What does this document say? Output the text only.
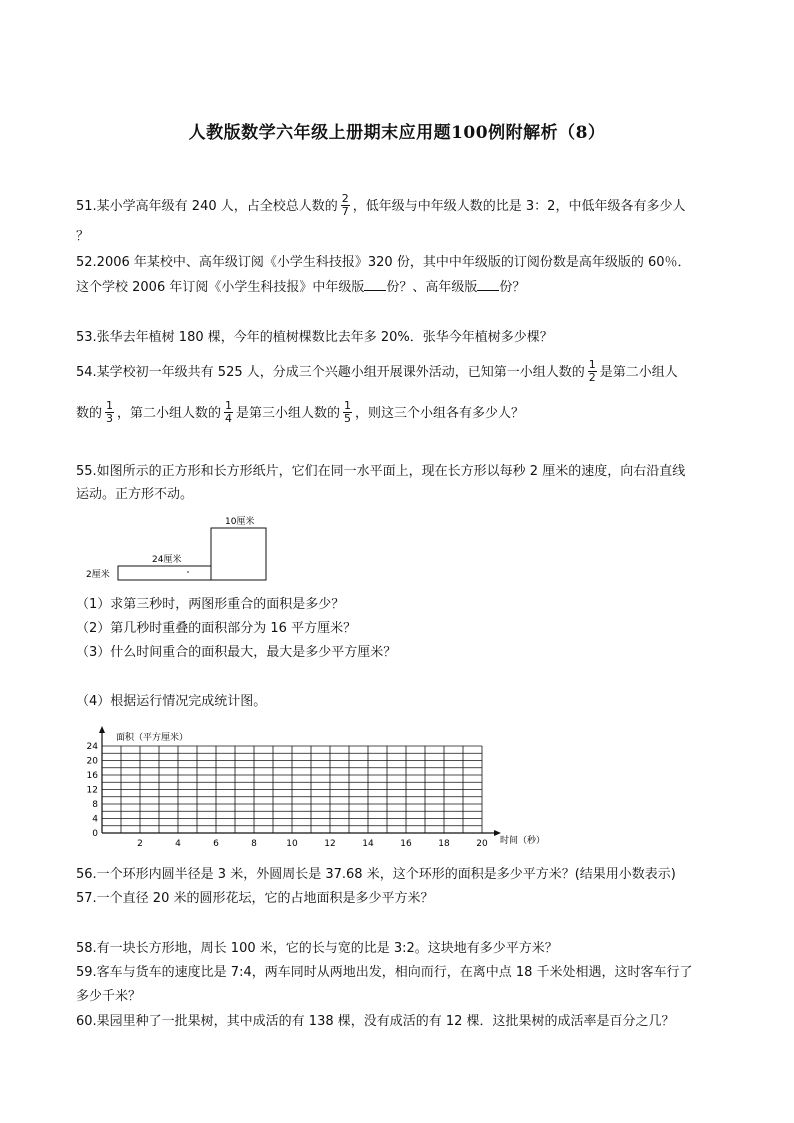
人教版数学六年级上册期末应用题100例附解析（8）
51.某小学高年级有 240 人，占全校总人数的 $\frac{2}{7}$ ，低年级与中年级人数的比是 3：2，中低年级各有多少人
？
52.2006 年某校中、高年级订阅《小学生科技报》320 份，其中中年级版的订阅份数是高年级版的 60％．
这个学校 2006 年订阅《小学生科技报》中年级版 份？、高年级版 份？
53.张华去年植树 180 棵，今年的植树棵数比去年多 20%．张华今年植树多少棵？
54.某学校初一年级共有 525 人，分成三个兴趣小组开展课外活动，已知第一小组人数的 $\frac{1}{2}$ 是第二小组人
数的 $\frac{1}{3}$ ，第二小组人数的 $\frac{1}{4}$ 是第三小组人数的 $\frac{1}{5}$ ，则这三个小组各有多少人？
55.如图所示的正方形和长方形纸片，它们在同一水平面上，现在长方形以每秒 2 厘米的速度，向右沿直线
运动。正方形不动。
10厘米
24厘米
2厘米
（1）求第三秒时，两图形重合的面积是多少？
（2）第几秒时重叠的面积部分为 16 平方厘米？
（3）什么时间重合的面积最大，最大是多少平方厘米？
（4）根据运行情况完成统计图。
面积（平方厘米）
时间（秒）
0
4
8
12
16
20
24
2	4	6	8	10	12	14	16	18	20
56.一个环形内圆半径是 3 米，外圆周长是 37.68 米，这个环形的面积是多少平方米？(结果用小数表示)
57.一个直径 20 米的圆形花坛，它的占地面积是多少平方米？
58.有一块长方形地，周长 100 米，它的长与宽的比是 3:2。这块地有多少平方米？
59.客车与货车的速度比是 7:4，两车同时从两地出发，相向而行，在离中点 18 千米处相遇，这时客车行了
多少千米？
60.果园里种了一批果树，其中成活的有 138 棵，没有成活的有 12 棵．这批果树的成活率是百分之几？
